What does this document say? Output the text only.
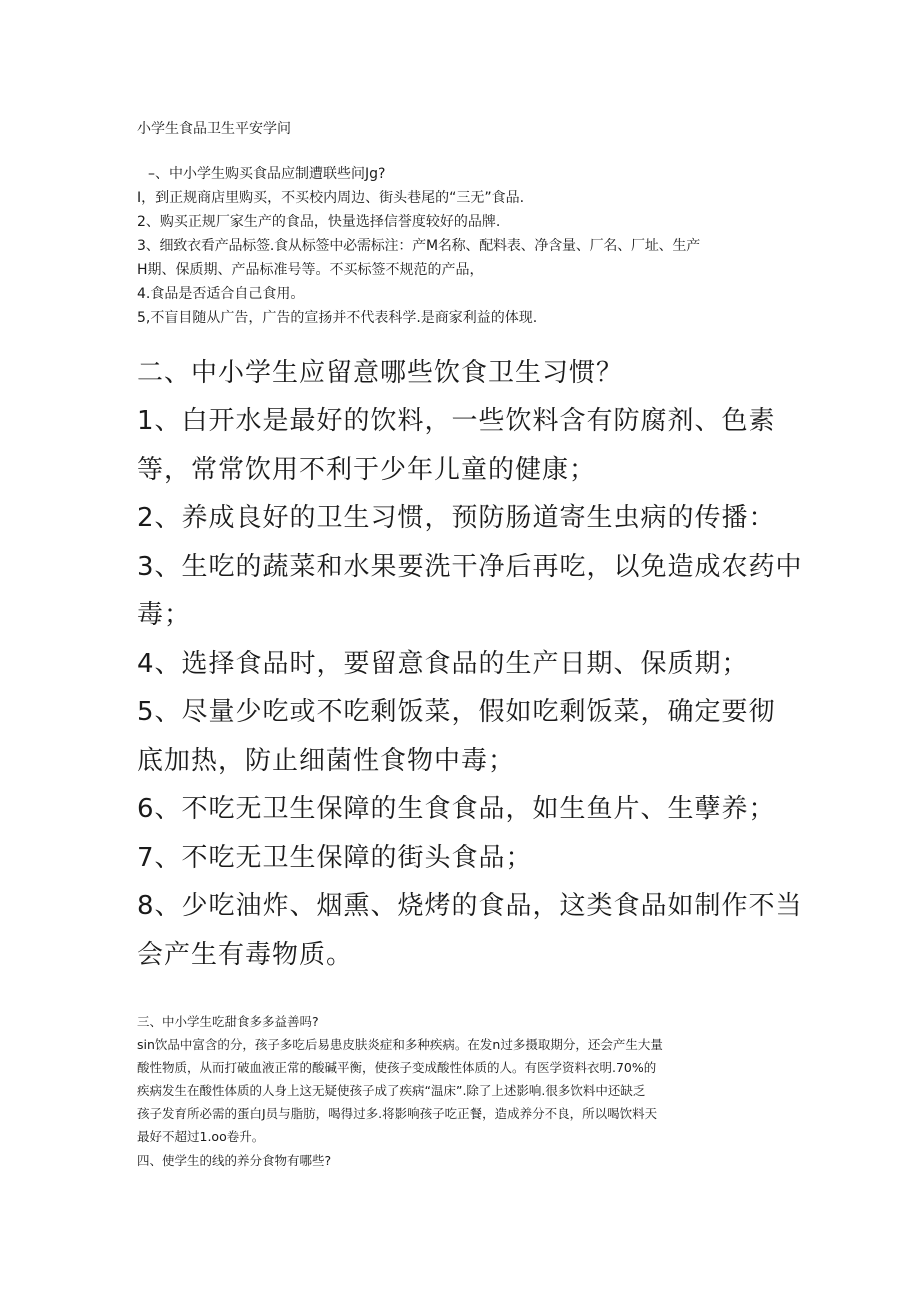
小学生食品卫生平安学问

–、中小学生购买食品应制遭联些问Jg?

I，到正规商店里购买，不买校内周边、街头巷尾的“三无”食品.

2、购买正规厂家生产的食品，快量选择信誉度较好的品牌.

3、细致衣看产品标签.食从标签中必需标注：产M名称、配料表、净含量、厂名、厂址、生产

H期、保质期、产品标准号等。不买标签不规范的产品，

4.食品是否适合自己食用。

5,不盲目随从广告，广告的宣扬并不代表科学.是商家利益的体现.

二、中小学生应留意哪些饮食卫生习惯？

1、白开水是最好的饮料，一些饮料含有防腐剂、色素

等，常常饮用不利于少年儿童的健康；

2、养成良好的卫生习惯，预防肠道寄生虫病的传播：

3、生吃的蔬菜和水果要洗干净后再吃，以免造成农药中

毒；

4、选择食品时，要留意食品的生产日期、保质期；

5、尽量少吃或不吃剩饭菜，假如吃剩饭菜，确定要彻

底加热，防止细菌性食物中毒；

6、不吃无卫生保障的生食食品，如生鱼片、生孽养；

7、不吃无卫生保障的街头食品；

8、少吃油炸、烟熏、烧烤的食品，这类食品如制作不当

会产生有毒物质。

三、中小学生吃甜食多多益善吗?

sin饮品中富含的分，孩子多吃后易患皮肤炎症和多种疾病。在发n过多摄取期分，还会产生大量

酸性物质，从而打破血液正常的酸碱平衡，使孩子变成酸性体质的人。有医学资料衣明.70%的

疾病发生在酸性体质的人身上这无疑使孩子成了疾病“温床”.除了上述影响.很多饮料中还缺乏

孩子发育所必需的蛋白J员与脂肪，喝得过多.将影响孩子吃正餐，造成养分不良，所以喝饮料天

最好不超过1.oo卷升。

四、使学生的线的养分食物有哪些?
